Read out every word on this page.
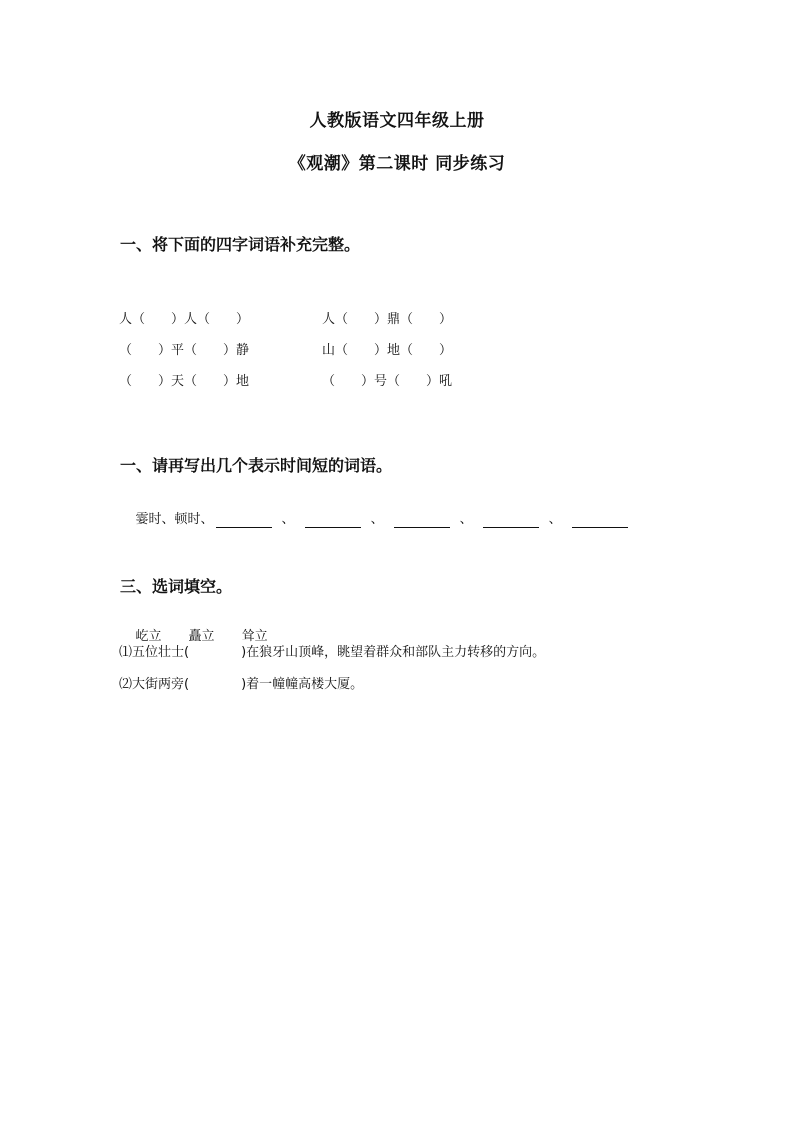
人教版语文四年级上册
《观潮》第二课时 同步练习
一、将下面的四字词语补充完整。
人（　　）人（　　）
（　　）平（　　）静
（　　）天（　　）地
人（　　）鼎（　　）
山（　　）地（　　）
（　　）号（　　）吼
一、请再写出几个表示时间短的词语。

霎时、顿时、	、	、	、	、

三、选词填空。

屹立 矗立 耸立

⑴五位壮士(　　　　)在狼牙山顶峰，眺望着群众和部队主力转移的方向。
⑵大街两旁(　　　　)着一幢幢高楼大厦。
